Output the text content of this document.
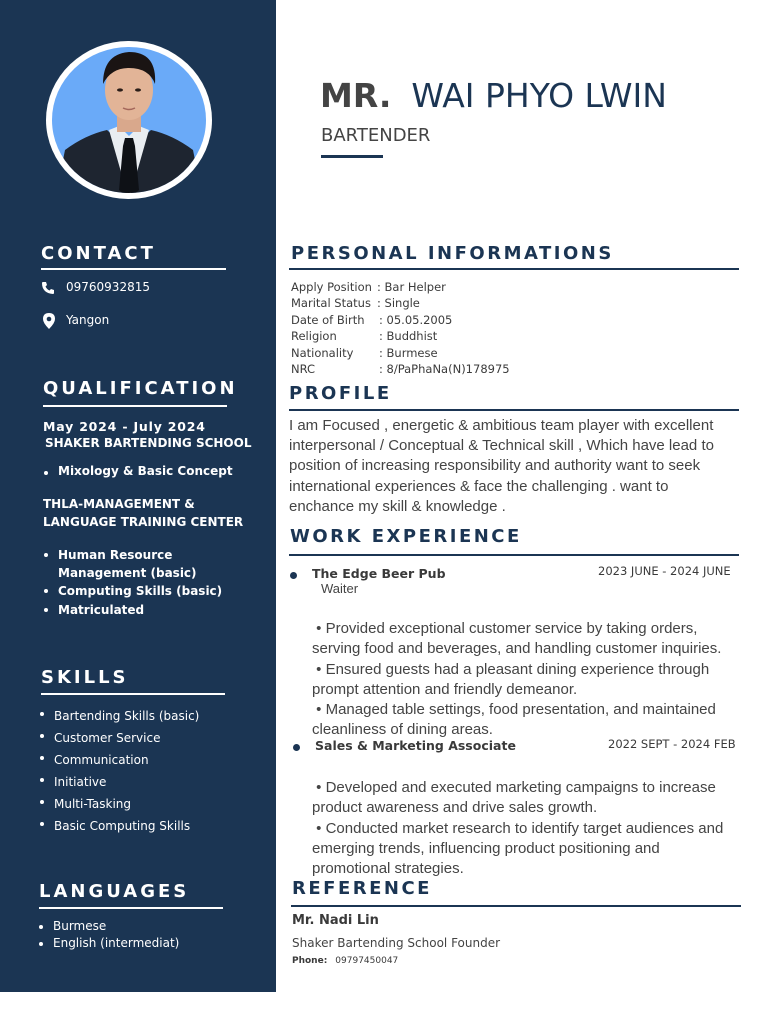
CONTACT
09760932815
Yangon
QUALIFICATION
May 2024 - July 2024
SHAKER BARTENDING SCHOOL
Mixology & Basic Concept
THLA-MANAGEMENT &
LANGUAGE TRAINING CENTER
Human Resource
Management (basic)
Computing Skills (basic)
Matriculated
SKILLS
Bartending Skills (basic)
Customer Service
Communication
Initiative
Multi-Tasking
Basic Computing Skills
LANGUAGES
Burmese
English (intermediat)
MR. WAI PHYO LWIN
BARTENDER
PERSONAL INFORMATIONS
Apply Position : Bar Helper
Marital Status : Single
Date of Birth : 05.05.2005
Religion	: Buddhist
Nationality : Burmese
NRC	: 8/PaPhaNa(N)178975
PROFILE
I am Focused , energetic & ambitious team player with excellent
interpersonal / Conceptual & Technical skill , Which have lead to
position of increasing responsibility and authority want to seek
international experiences & face the challenging . want to
enchance my skill & knowledge .
WORK EXPERIENCE
The Edge Beer Pub	2023 JUNE - 2024 JUNE
Waiter

• Provided exceptional customer service by taking orders,
serving food and beverages, and handling customer inquiries.
• Ensured guests had a pleasant dining experience through
prompt attention and friendly demeanor.
• Managed table settings, food presentation, and maintained
cleanliness of dining areas.
Sales & Marketing Associate	2022 SEPT - 2024 FEB

• Developed and executed marketing campaigns to increase
product awareness and drive sales growth.
• Conducted market research to identify target audiences and
emerging trends, influencing product positioning and
promotional strategies.
REFERENCE
Mr. Nadi Lin
Shaker Bartending School Founder
Phone: 09797450047
